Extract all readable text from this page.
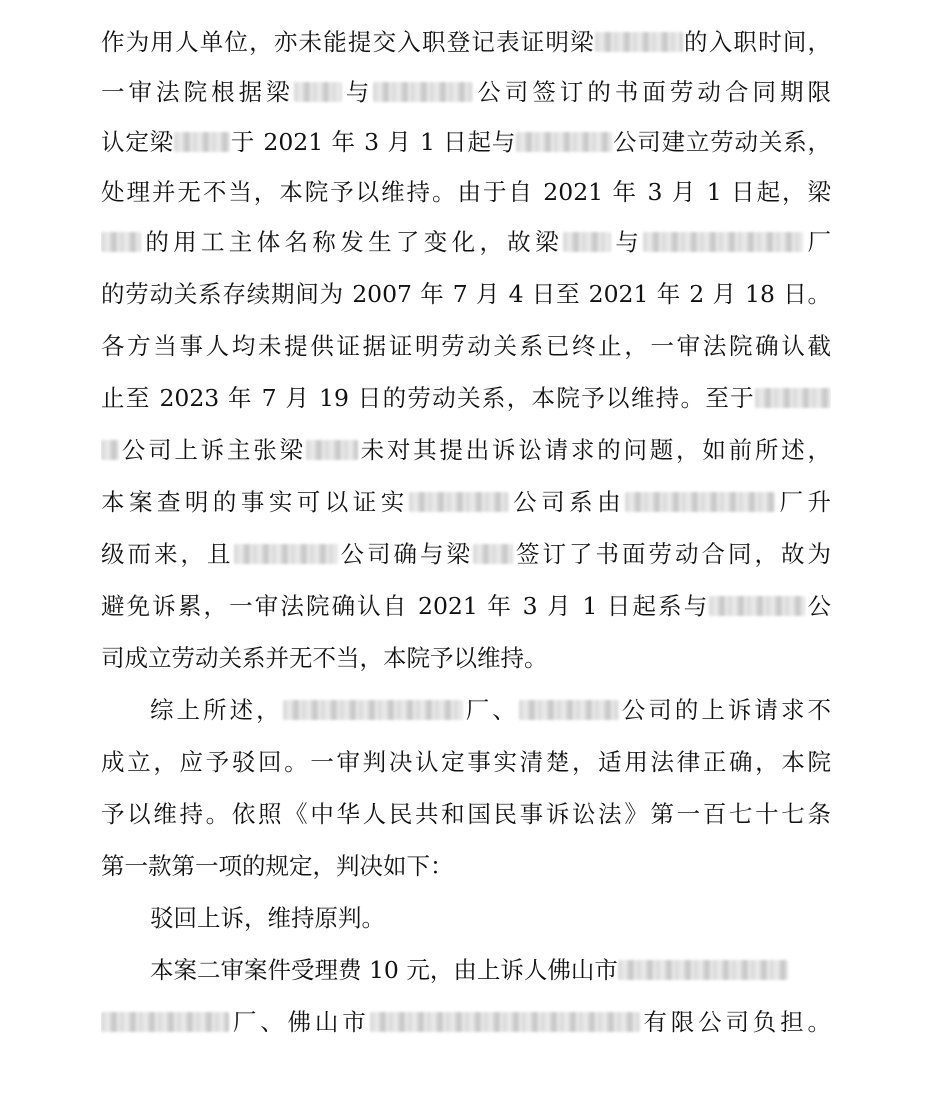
作为用人单位，亦未能提交入职登记表证明梁	的入职时间，
一审法院根据梁 与	公司签订的书面劳动合同期限
认定梁 于 2021 年 3 月 1 日起与	公司建立劳动关系，
处理并无不当，本院予以维持。由于自 2021 年 3 月 1 日起，梁
的用工主体名称发生了变化，故梁 与	厂
的劳动关系存续期间为 2007 年 7 月 4 日至 2021 年 2 月 18 日。
各方当事人均未提供证据证明劳动关系已终止，一审法院确认截
止至 2023 年 7 月 19 日的劳动关系，本院予以维持。至于
公司上诉主张梁 未对其提出诉讼请求的问题，如前所述，
本案查明的事实可以证实	公司系由	厂升
级而来，且	公司确与梁 签订了书面劳动合同，故为
避免诉累，一审法院确认自 2021 年 3 月 1 日起系与	公
司成立劳动关系并无不当，本院予以维持。
综上所述，	厂、	公司的上诉请求不
成立，应予驳回。一审判决认定事实清楚，适用法律正确，本院
予以维持。依照《中华人民共和国民事诉讼法》第一百七十七条
第一款第一项的规定，判决如下：
驳回上诉，维持原判。
本案二审案件受理费 10 元，由上诉人佛山市
厂、佛山市	有限公司负担。
